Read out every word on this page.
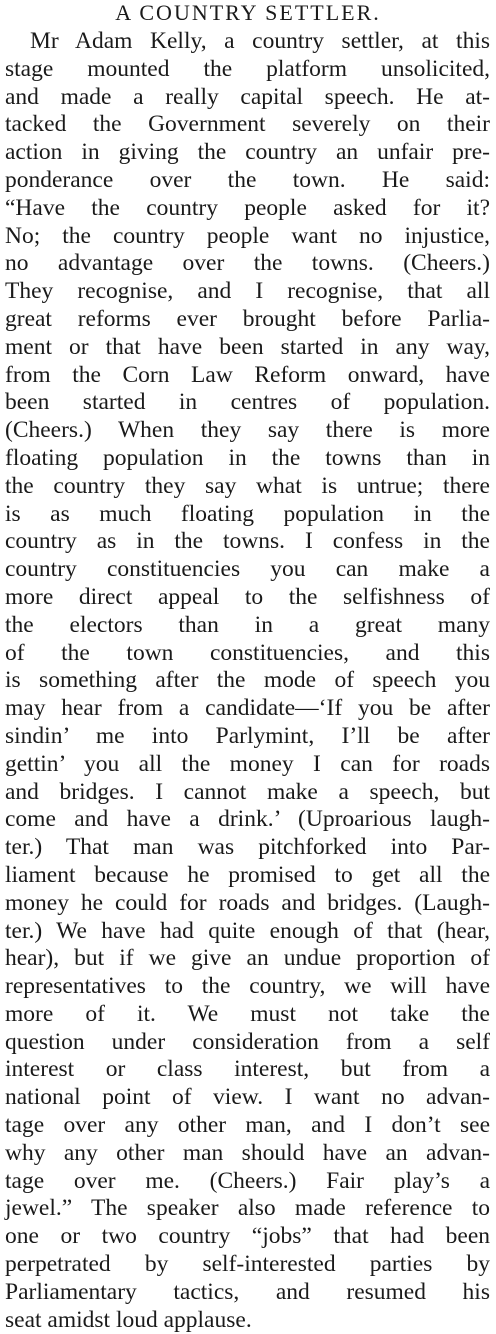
A COUNTRY SETTLER.
Mr Adam Kelly, a country settler, at this
stage mounted the platform unsolicited,
and made a really capital speech. He at-
tacked the Government severely on their
action in giving the country an unfair pre-
ponderance over the town. He said:
“Have the country people asked for it?
No; the country people want no injustice,
no advantage over the towns. (Cheers.)
They recognise, and I recognise, that all
great reforms ever brought before Parlia-
ment or that have been started in any way,
from the Corn Law Reform onward, have
been started in centres of population.
(Cheers.) When they say there is more
floating population in the towns than in
the country they say what is untrue; there
is as much floating population in the
country as in the towns. I confess in the
country constituencies you can make a
more direct appeal to the selfishness of
the electors than in a great many
of the town constituencies, and this
is something after the mode of speech you
may hear from a candidate—‘If you be after
sindin’ me into Parlymint, I’ll be after
gettin’ you all the money I can for roads
and bridges. I cannot make a speech, but
come and have a drink.’ (Uproarious laugh-
ter.) That man was pitchforked into Par-
liament because he promised to get all the
money he could for roads and bridges. (Laugh-
ter.) We have had quite enough of that (hear,
hear), but if we give an undue proportion of
representatives to the country, we will have
more of it. We must not take the
question under consideration from a self
interest or class interest, but from a
national point of view. I want no advan-
tage over any other man, and I don’t see
why any other man should have an advan-
tage over me. (Cheers.) Fair play’s a
jewel.” The speaker also made reference to
one or two country “jobs” that had been
perpetrated by self-interested parties by
Parliamentary tactics, and resumed his
seat amidst loud applause.
